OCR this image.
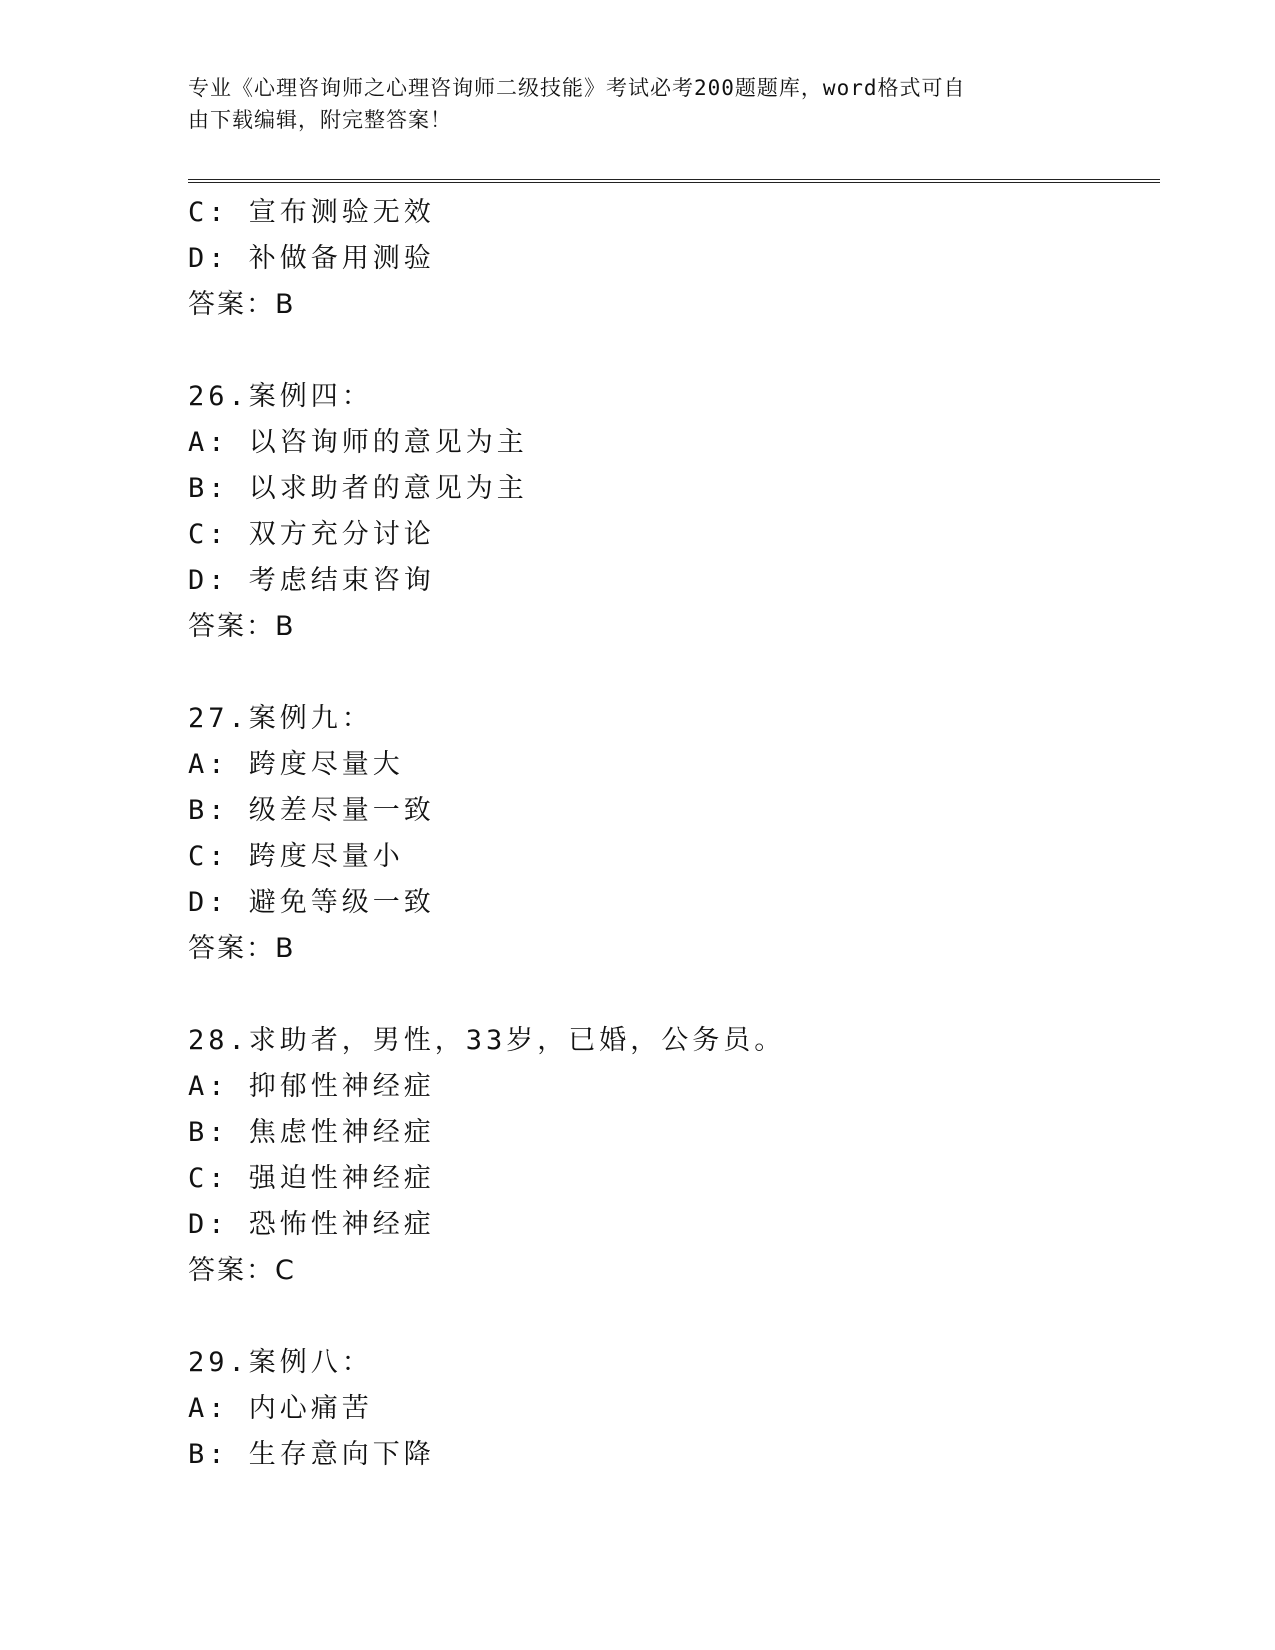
专业《心理咨询师之心理咨询师二级技能》考试必考200题题库，word格式可自
由下载编辑，附完整答案！
C: 宣布测验无效
D: 补做备用测验
答案：B
26.案例四：
A: 以咨询师的意见为主
B: 以求助者的意见为主
C: 双方充分讨论
D: 考虑结束咨询
答案：B
27.案例九：
A: 跨度尽量大
B: 级差尽量一致
C: 跨度尽量小
D: 避免等级一致
答案：B
28.求助者，男性，33岁，已婚，公务员。
A: 抑郁性神经症
B: 焦虑性神经症
C: 强迫性神经症
D: 恐怖性神经症
答案：C
29.案例八：
A: 内心痛苦
B: 生存意向下降
